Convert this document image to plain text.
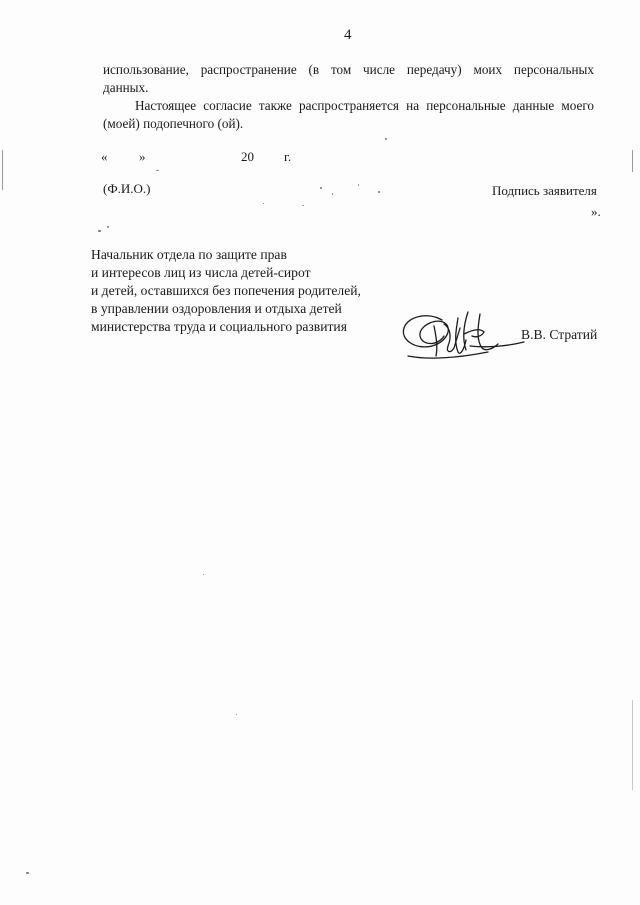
4
использование, распространение (в том числе передачу) моих персональных
данных.
Настоящее согласие также распространяется на персональные данные моего
(моей) подопечного (ой).
« »	20 г.
(Ф.И.О.)	Подпись заявителя
».
Начальник отдела по защите прав
и интересов лиц из числа детей-сирот
и детей, оставшихся без попечения родителей,
в управлении оздоровления и отдыха детей
министерства труда и социального развития
В.В. Стратий
